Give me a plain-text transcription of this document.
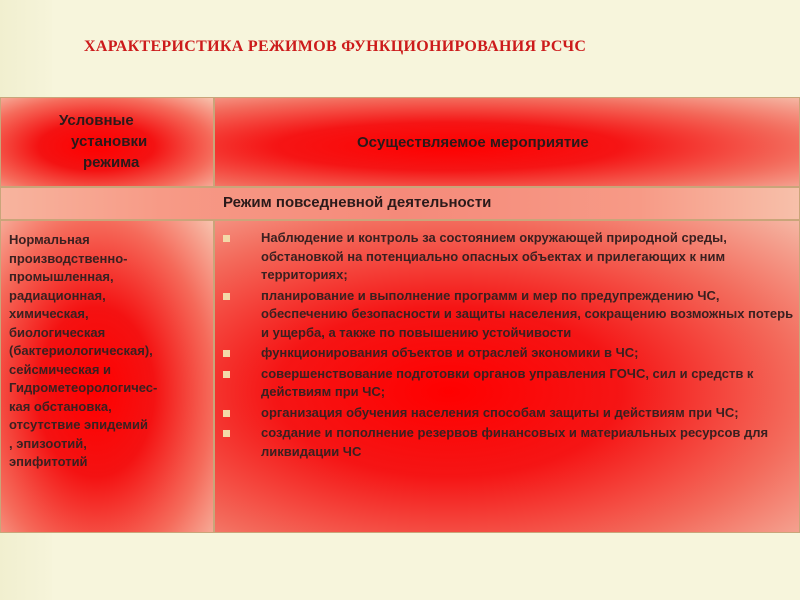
ХАРАКТЕРИСТИКА РЕЖИМОВ ФУНКЦИОНИРОВАНИЯ РСЧС
Условные
установки
режима
Осуществляемое мероприятие
Режим повседневной деятельности
Нормальная
производственно-
промышленная,
радиационная,
химическая,
биологическая
(бактериологическая),
сейсмическая и
Гидрометеорологичес-
кая обстановка,
отсутствие эпидемий
, эпизоотий,
эпифитотий
Наблюдение и контроль за состоянием окружающей природной среды, обстановкой на потенциально опасных объектах и прилегающих к ним территориях;
планирование и выполнение программ и мер по предупреждению ЧС, обеспечению безопасности и защиты населения, сокращению возможных потерь и ущерба, а также по повышению устойчивости
функционирования объектов и отраслей экономики в ЧС;
совершенствование подготовки органов управления ГОЧС, сил и средств к действиям при ЧС;
организация обучения населения способам защиты и действиям при ЧС;
создание и пополнение резервов финансовых и материальных ресурсов для ликвидации ЧС
